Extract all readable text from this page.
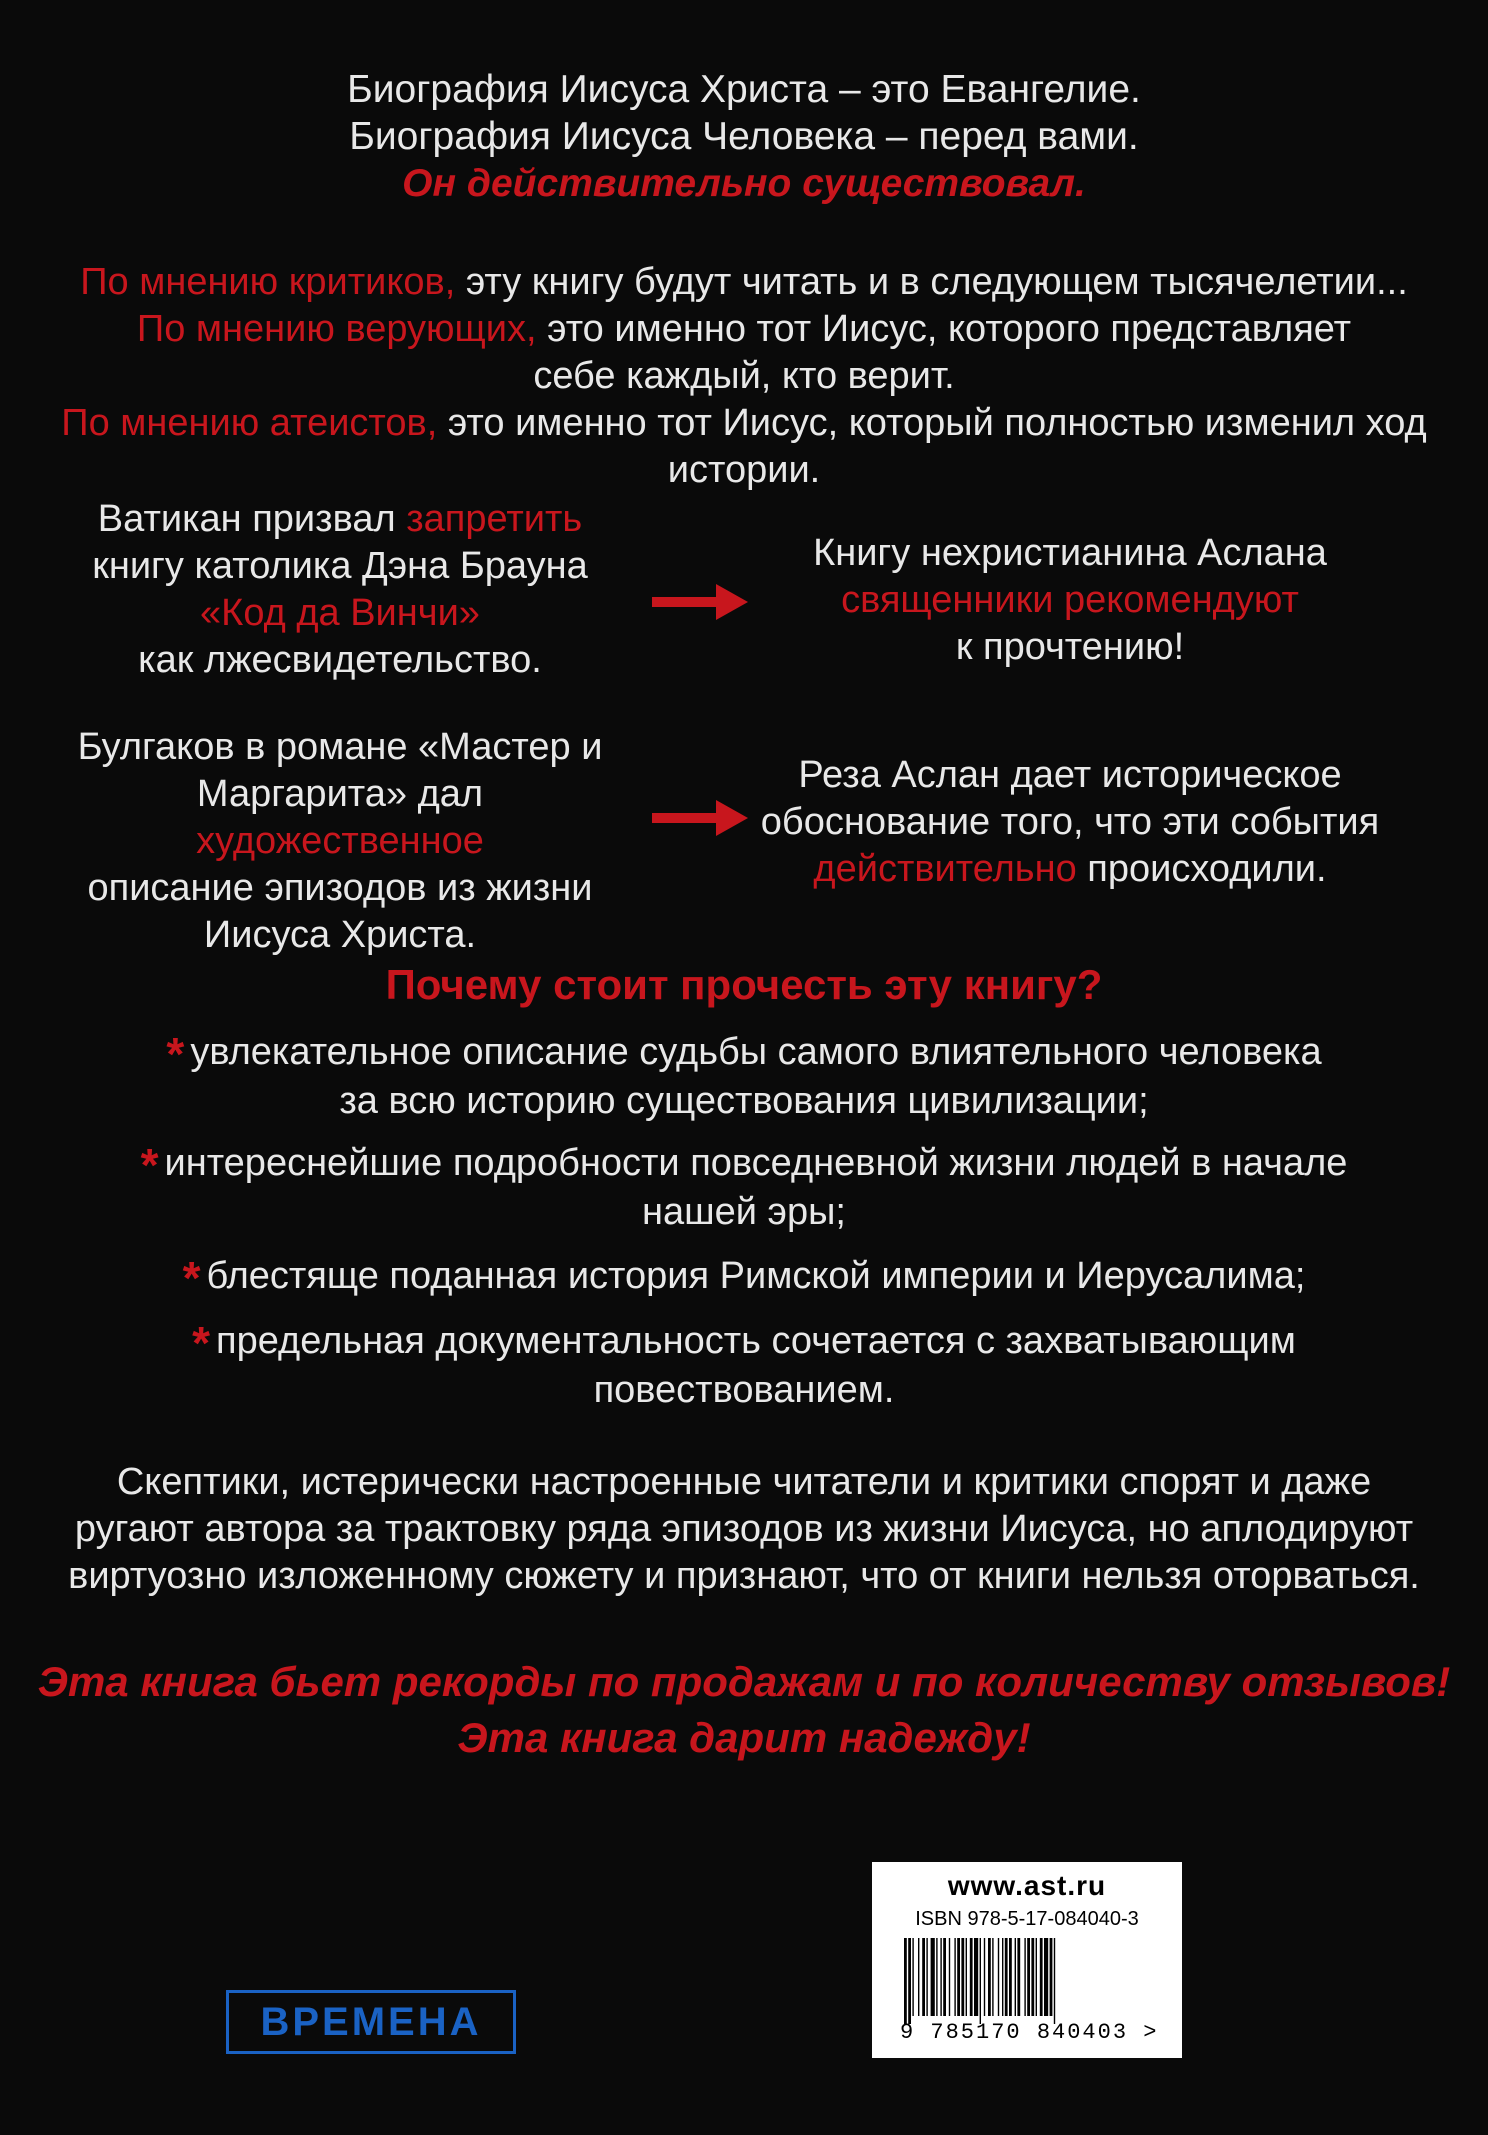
Биография Иисуса Христа – это Евангелие.
Биография Иисуса Человека – перед вами.
Он действительно существовал.
По мнению критиков, эту книгу будут читать и в следующем тысячелетии...
По мнению верующих, это именно тот Иисус, которого представляет
себе каждый, кто верит.
По мнению атеистов, это именно тот Иисус, который полностью изменил ход
истории.
Ватикан призвал запретить
книгу католика Дэна Брауна
«Код да Винчи»
как лжесвидетельство.
Книгу нехристианина Аслана
священники рекомендуют
к прочтению!
Булгаков в романе «Мастер и
Маргарита» дал художественное
описание эпизодов из жизни
Иисуса Христа.
Реза Аслан дает историческое
обоснование того, что эти события
действительно происходили.
Почему стоит прочесть эту книгу?
* увлекательное описание судьбы самого влиятельного человека
за всю историю существования цивилизации;
* интереснейшие подробности повседневной жизни людей в начале
нашей эры;
* блестяще поданная история Римской империи и Иерусалима;
* предельная документальность сочетается с захватывающим
повествованием.
Скептики, истерически настроенные читатели и критики спорят и даже
ругают автора за трактовку ряда эпизодов из жизни Иисуса, но аплодируют
виртуозно изложенному сюжету и признают, что от книги нельзя оторваться.
Эта книга бьет рекорды по продажам и по количеству отзывов!
Эта книга дарит надежду!
www.ast.ru
ISBN 978-5-17-084040-3
9 785170 840403 >
ВРЕМЕНА
